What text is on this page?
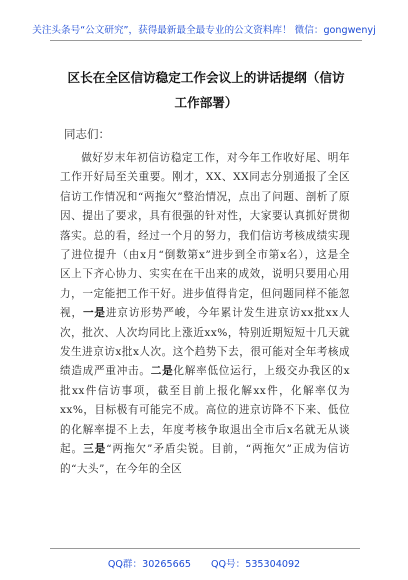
关注头条号“公文研究”，获得最新最全最专业的公文资料库！ 微信：gongwenyj
区长在全区信访稳定工作会议上的讲话提纲（信访工作部署）
同志们：

做好岁末年初信访稳定工作，对今年工作收好尾、明年工作开好局至关重要。刚才，XX、XX同志分别通报了全区信访工作情况和“两拖欠”整治情况，点出了问题、剖析了原因、提出了要求，具有很强的针对性，大家要认真抓好贯彻落实。总的看，经过一个月的努力，我们信访考核成绩实现了进位提升（由x月“倒数第x”进步到全市第x名），这是全区上下齐心协力、实实在在干出来的成效，说明只要用心用力，一定能把工作干好。进步值得肯定，但问题同样不能忽视，一是进京访形势严峻，今年累计发生进京访xx批xx人次，批次、人次均同比上涨近xx%，特别近期短短十几天就发生进京访x批x人次。这个趋势下去，很可能对全年考核成绩造成严重冲击。二是化解率低位运行，上级交办我区的x批xx件信访事项，截至目前上报化解xx件，化解率仅为xx%，目标极有可能完不成。高位的进京访降不下来、低位的化解率提不上去，年度考核争取退出全市后x名就无从谈起。三是“两拖欠”矛盾尖锐。目前，“两拖欠”正成为信访的“大头”，在今年的全区

QQ群：30265665 QQ号：535304092
